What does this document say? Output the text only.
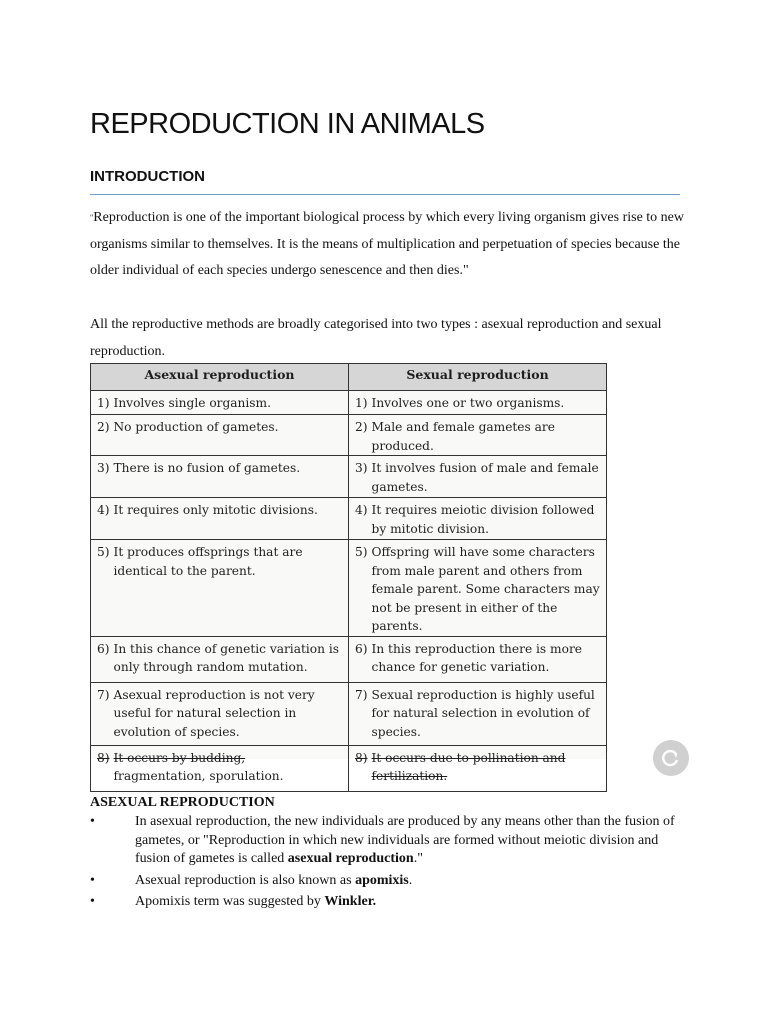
REPRODUCTION IN ANIMALS
INTRODUCTION
"Reproduction is one of the important biological process by which every living organism gives rise to new organisms similar to themselves. It is the means of multiplication and perpetuation of species because the older individual of each species undergo senescence and then dies."
All the reproductive methods are broadly categorised into two types : asexual reproduction and sexual reproduction.
Asexual reproduction	Sexual reproduction

1) Involves single organism.	1) Involves one or two organisms.

2) No production of gametes.	2) Male and female gametes are produced.

3) There is no fusion of gametes.	3) It involves fusion of male and female gametes.

4) It requires only mitotic divisions.	4) It requires meiotic division followed by mitotic division.

5) It produces offsprings that are identical to the parent.	5) Offspring will have some characters from male parent and others from female parent. Some characters may not be present in either of the parents.

6) In this chance of genetic variation is only through random mutation.	6) In this reproduction there is more chance for genetic variation.

7) Asexual reproduction is not very useful for natural selection in evolution of species.	7) Sexual reproduction is highly useful for natural selection in evolution of species.

8) It occurs by budding,
fragmentation, sporulation.	8) It occurs due to pollination and fertilization.
ASEXUAL REPRODUCTION
•	In asexual reproduction, the new individuals are produced by any means other than the fusion of gametes, or "Reproduction in which new individuals are formed without meiotic division and fusion of gametes is called asexual reproduction."
•	Asexual reproduction is also known as apomixis.
•	Apomixis term was suggested by Winkler.
